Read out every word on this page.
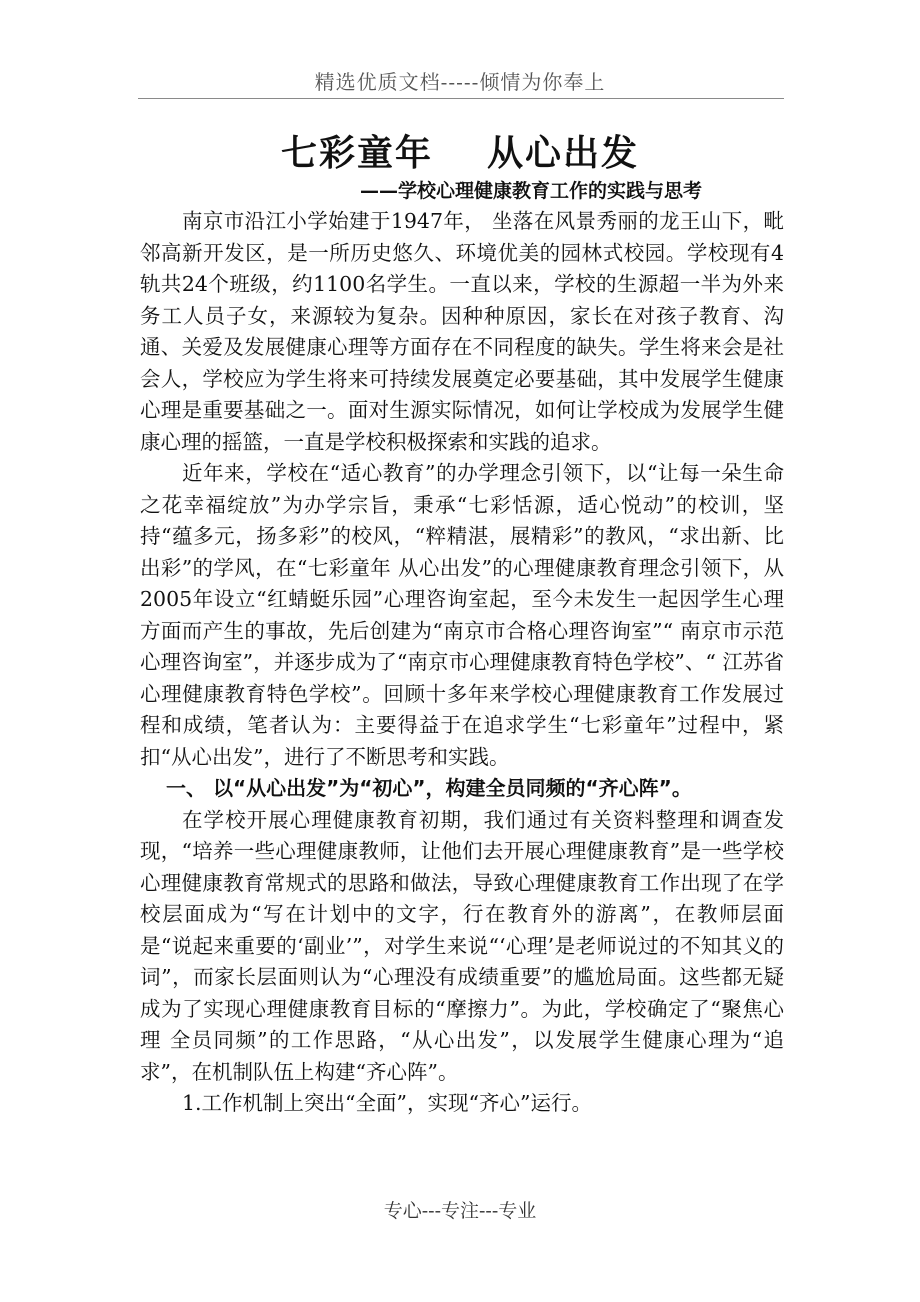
精选优质文档-----倾情为你奉上
七彩童年 从心出发
——学校心理健康教育工作的实践与思考

南京市沿江小学始建于1947年， 坐落在风景秀丽的龙王山下，毗邻高新开发区，是一所历史悠久、环境优美的园林式校园。学校现有4轨共24个班级，约1100名学生。一直以来，学校的生源超一半为外来务工人员子女，来源较为复杂。因种种原因，家长在对孩子教育、沟通、关爱及发展健康心理等方面存在不同程度的缺失。学生将来会是社会人，学校应为学生将来可持续发展奠定必要基础，其中发展学生健康心理是重要基础之一。面对生源实际情况，如何让学校成为发展学生健康心理的摇篮，一直是学校积极探索和实践的追求。

近年来，学校在“适心教育”的办学理念引领下，以“让每一朵生命之花幸福绽放”为办学宗旨，秉承“七彩恬源，适心悦动”的校训，坚持“蕴多元，扬多彩”的校风，“粹精湛，展精彩”的教风，“求出新、比出彩”的学风，在“七彩童年 从心出发”的心理健康教育理念引领下，从2005年设立“红蜻蜓乐园”心理咨询室起，至今未发生一起因学生心理方面而产生的事故，先后创建为“南京市合格心理咨询室”“ 南京市示范心理咨询室”，并逐步成为了“南京市心理健康教育特色学校”、“ 江苏省心理健康教育特色学校”。回顾十多年来学校心理健康教育工作发展过程和成绩，笔者认为：主要得益于在追求学生“七彩童年”过程中，紧扣“从心出发”，进行了不断思考和实践。

一、 以“从心出发”为“初心”，构建全员同频的“齐心阵”。

在学校开展心理健康教育初期，我们通过有关资料整理和调查发现，“培养一些心理健康教师，让他们去开展心理健康教育”是一些学校心理健康教育常规式的思路和做法，导致心理健康教育工作出现了在学校层面成为“写在计划中的文字，行在教育外的游离”，在教师层面是“说起来重要的‘副业’”，对学生来说“‘心理’是老师说过的不知其义的词”，而家长层面则认为“心理没有成绩重要”的尴尬局面。这些都无疑成为了实现心理健康教育目标的“摩擦力”。为此，学校确定了“聚焦心理 全员同频”的工作思路，“从心出发”，以发展学生健康心理为“追求”，在机制队伍上构建“齐心阵”。

1.工作机制上突出“全面”，实现“齐心”运行。

专心---专注---专业
